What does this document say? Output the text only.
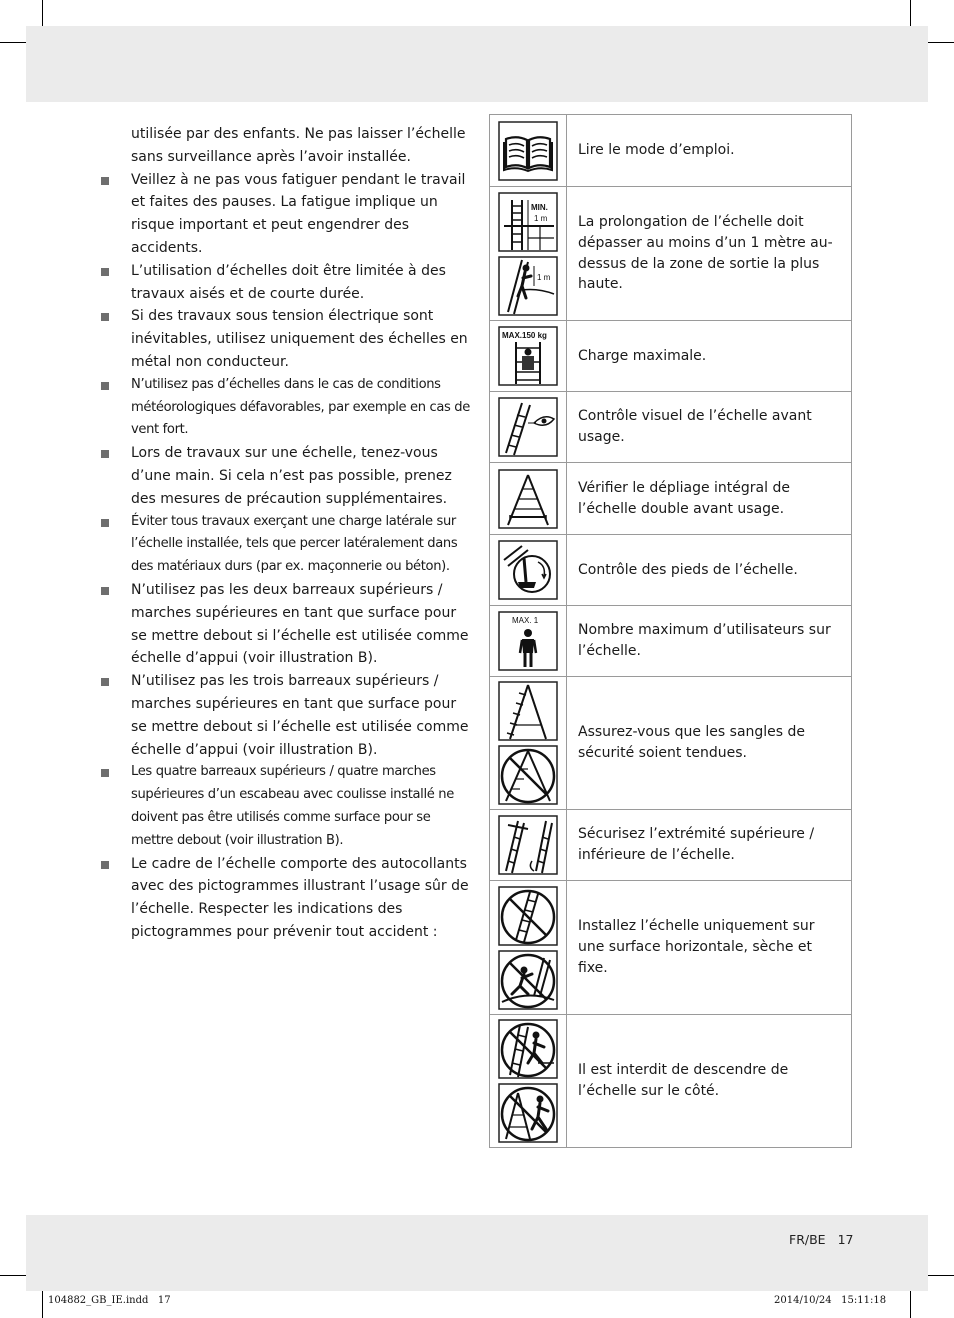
utilisée par des enfants. Ne pas laisser l’échelle sans surveillance après l’avoir installée.

Veillez à ne pas vous fatiguer pendant le travail et faites des pauses. La fatigue implique un risque important et peut engendrer des accidents.

L’utilisation d’échelles doit être limitée à des travaux aisés et de courte durée.

Si des travaux sous tension électrique sont inévitables, utilisez uniquement des échelles en métal non conducteur.

N’utilisez pas d’échelles dans le cas de conditions météorologiques défavorables, par exemple en cas de vent fort.

Lors de travaux sur une échelle, tenez-vous d’une main. Si cela n’est pas possible, prenez des mesures de précaution supplémentaires.

Éviter tous travaux exerçant une charge latérale sur l’échelle installée, tels que percer latéralement dans des matériaux durs (par ex. maçonnerie ou béton).

N’utilisez pas les deux barreaux supérieurs / marches supérieures en tant que surface pour se mettre debout si l’échelle est utilisée comme échelle d’appui (voir illustration B).

N’utilisez pas les trois barreaux supérieurs / marches supérieures en tant que surface pour se mettre debout si l’échelle est utilisée comme échelle d’appui (voir illustration B).

Les quatre barreaux supérieurs / quatre marches supérieures d’un escabeau avec coulisse installé ne doivent pas être utilisés comme surface pour se mettre debout (voir illustration B).

Le cadre de l’échelle comporte des autocollants avec des pictogrammes illustrant l’usage sûr de l’échelle. Respecter les indications des pictogrammes pour prévenir tout accident :

Lire le mode d’emploi.
MIN.
1 m
1 m
La prolongation de l’échelle doit dépasser au moins d’un 1 mètre au-dessus de la zone de sortie la plus haute.
MAX.150 kg
Charge maximale.
Contrôle visuel de l’échelle avant usage.
Vérifier le dépliage intégral de l’échelle double avant usage.
Contrôle des pieds de l’échelle.
MAX. 1
Nombre maximum d’utilisateurs sur l’échelle.
Assurez-vous que les sangles de sécurité soient tendues.
Sécurisez l’extrémité supérieure / inférieure de l’échelle.
Installez l’échelle uniquement sur une surface horizontale, sèche et fixe.
Il est interdit de descendre de l’échelle sur le côté.
FR/BE 17
104882_GB_IE.indd   17	2014/10/24   15:11:18
